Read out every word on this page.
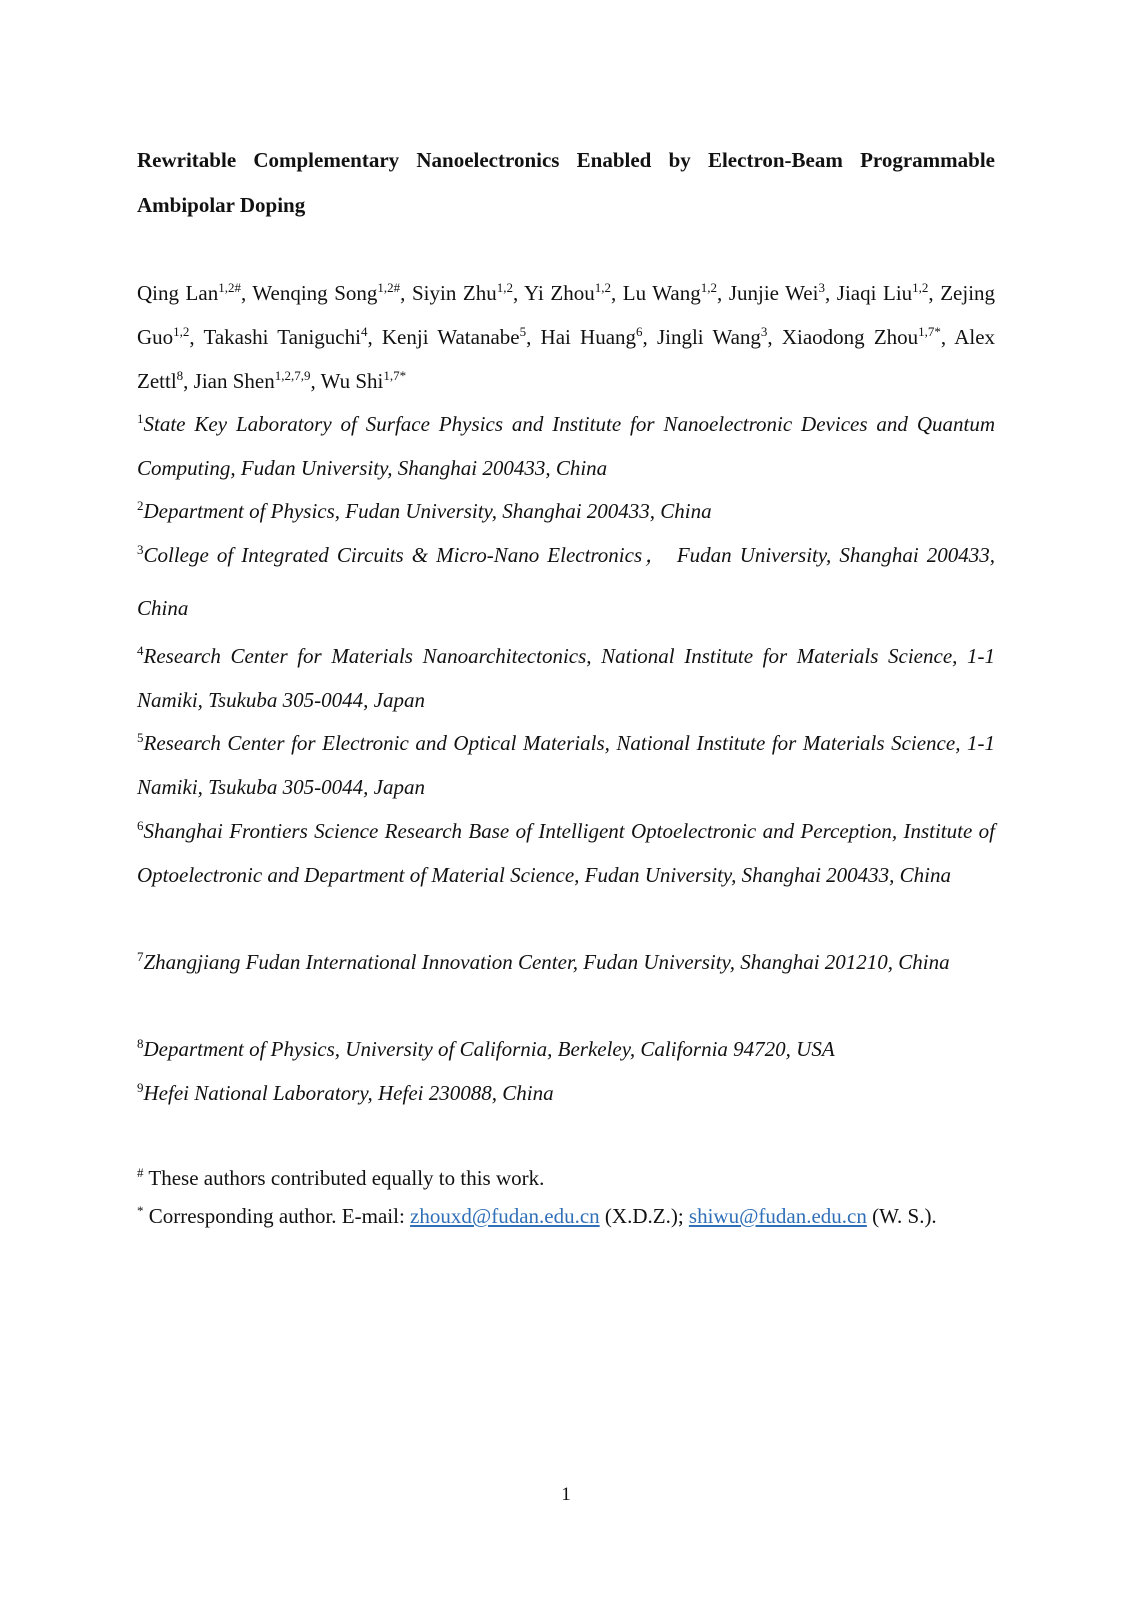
Rewritable Complementary Nanoelectronics Enabled by Electron-Beam Programmable Ambipolar Doping
Qing Lan$^{1,2\#}$, Wenqing Song$^{1,2\#}$, Siyin Zhu$^{1,2}$, Yi Zhou$^{1,2}$, Lu Wang$^{1,2}$, Junjie Wei$^3$, Jiaqi Liu$^{1,2}$, Zejing Guo$^{1,2}$, Takashi Taniguchi$^4$, Kenji Watanabe$^5$, Hai Huang$^6$, Jingli Wang$^3$, Xiaodong Zhou$^{1,7*}$, Alex Zettl$^8$, Jian Shen$^{1,2,7,9}$, Wu Shi$^{1,7*}$
$^1$State Key Laboratory of Surface Physics and Institute for Nanoelectronic Devices and Quantum Computing, Fudan University, Shanghai 200433, China
$^2$Department of Physics, Fudan University, Shanghai 200433, China
$^3$College of Integrated Circuits & Micro-Nano Electronics， Fudan University, Shanghai 200433, China
$^4$Research Center for Materials Nanoarchitectonics, National Institute for Materials Science, 1-1 Namiki, Tsukuba 305-0044, Japan
$^5$Research Center for Electronic and Optical Materials, National Institute for Materials Science, 1-1 Namiki, Tsukuba 305-0044, Japan
$^6$Shanghai Frontiers Science Research Base of Intelligent Optoelectronic and Perception, Institute of Optoelectronic and Department of Material Science, Fudan University, Shanghai 200433, China
$^7$Zhangjiang Fudan International Innovation Center, Fudan University, Shanghai 201210, China
$^8$Department of Physics, University of California, Berkeley, California 94720, USA
$^9$Hefei National Laboratory, Hefei 230088, China
# These authors contributed equally to this work.
* Corresponding author. E-mail: zhouxd@fudan.edu.cn (X.D.Z.); shiwu@fudan.edu.cn (W. S.).
1
